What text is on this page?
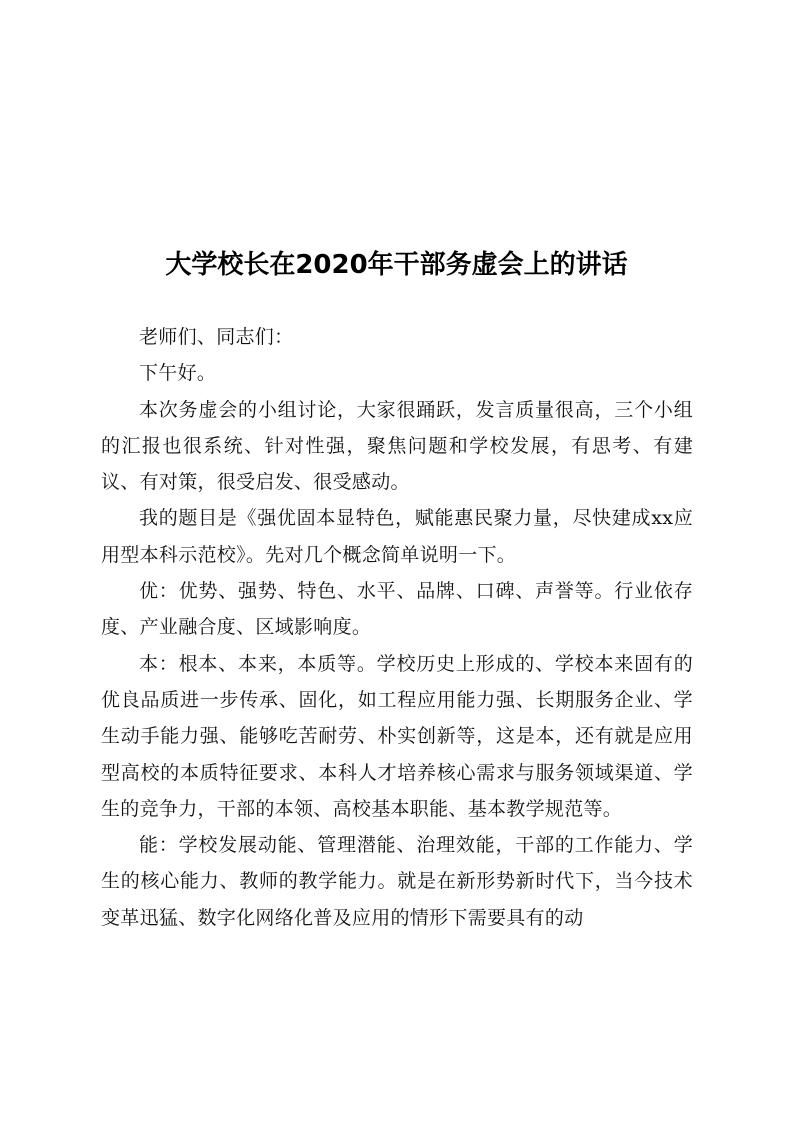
大学校长在2020年干部务虚会上的讲话

老师们、同志们：

下午好。

本次务虚会的小组讨论，大家很踊跃，发言质量很高，三个小组的汇报也很系统、针对性强，聚焦问题和学校发展，有思考、有建议、有对策，很受启发、很受感动。

我的题目是《强优固本显特色，赋能惠民聚力量，尽快建成xx应用型本科示范校》。先对几个概念简单说明一下。

优：优势、强势、特色、水平、品牌、口碑、声誉等。行业依存度、产业融合度、区域影响度。

本：根本、本来，本质等。学校历史上形成的、学校本来固有的优良品质进一步传承、固化，如工程应用能力强、长期服务企业、学生动手能力强、能够吃苦耐劳、朴实创新等，这是本，还有就是应用型高校的本质特征要求、本科人才培养核心需求与服务领域渠道、学生的竞争力，干部的本领、高校基本职能、基本教学规范等。

能：学校发展动能、管理潜能、治理效能，干部的工作能力、学生的核心能力、教师的教学能力。就是在新形势新时代下，当今技术变革迅猛、数字化网络化普及应用的情形下需要具有的动
